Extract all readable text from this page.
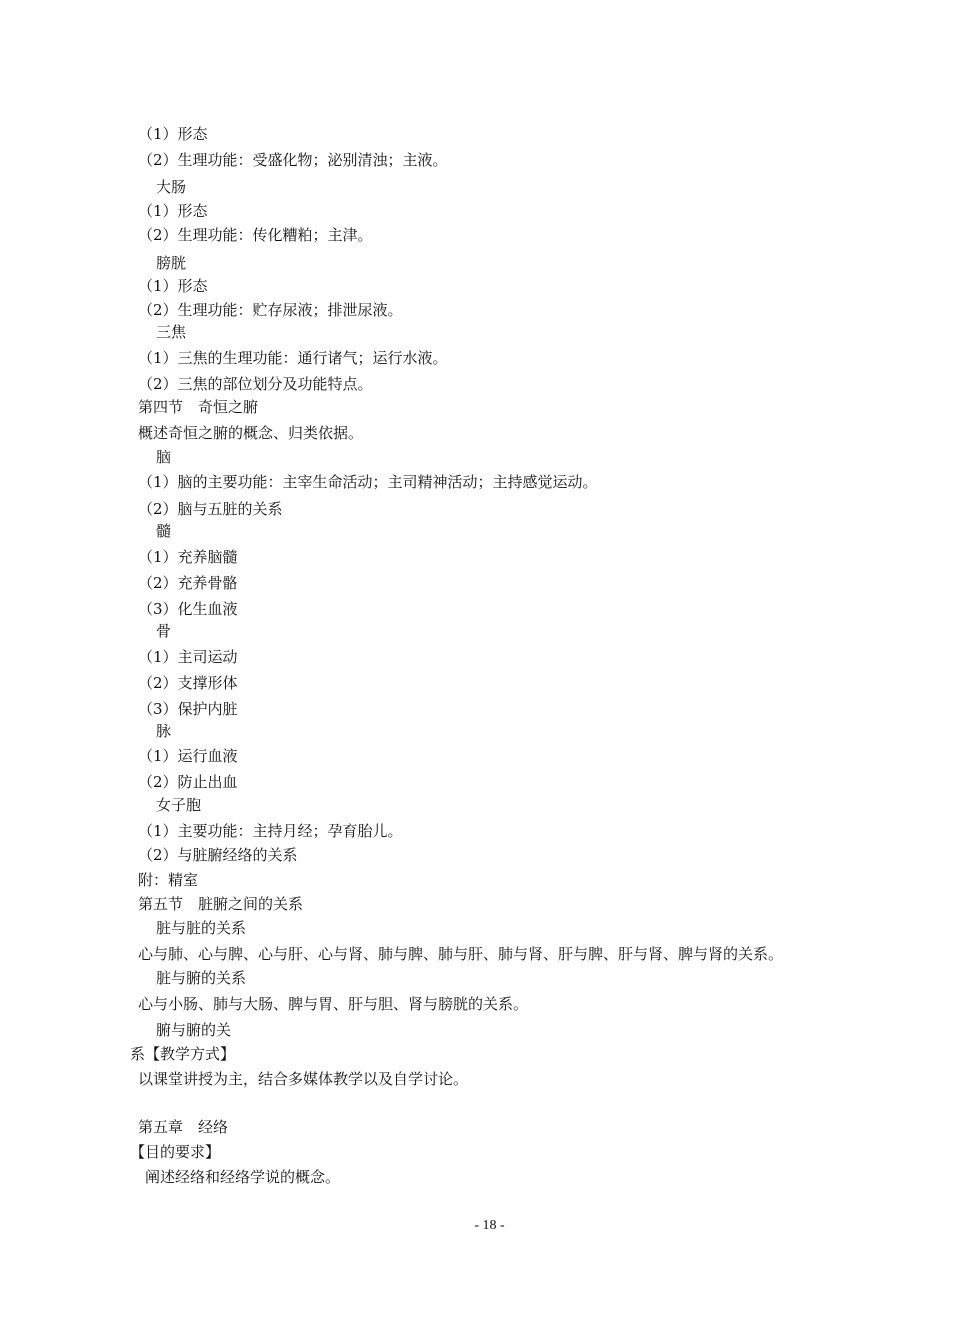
（1）形态
（2）生理功能：受盛化物；泌别清浊；主液。
大肠
（1）形态
（2）生理功能：传化糟粕；主津。
膀胱
（1）形态
（2）生理功能：贮存尿液；排泄尿液。
三焦
（1）三焦的生理功能：通行诸气；运行水液。
（2）三焦的部位划分及功能特点。
第四节　奇恒之腑
概述奇恒之腑的概念、归类依据。
脑
（1）脑的主要功能：主宰生命活动；主司精神活动；主持感觉运动。
（2）脑与五脏的关系
髓
（1）充养脑髓
（2）充养骨骼
（3）化生血液
骨
（1）主司运动
（2）支撑形体
（3）保护内脏
脉
（1）运行血液
（2）防止出血
女子胞
（1）主要功能：主持月经；孕育胎儿。
（2）与脏腑经络的关系
附：精室
第五节　脏腑之间的关系
脏与脏的关系
心与肺、心与脾、心与肝、心与肾、肺与脾、肺与肝、肺与肾、肝与脾、肝与肾、脾与肾的关系。
脏与腑的关系
心与小肠、肺与大肠、脾与胃、肝与胆、肾与膀胱的关系。
腑与腑的关
系【教学方式】
以课堂讲授为主，结合多媒体教学以及自学讨论。
第五章　经络
【目的要求】
阐述经络和经络学说的概念。
- 18 -
